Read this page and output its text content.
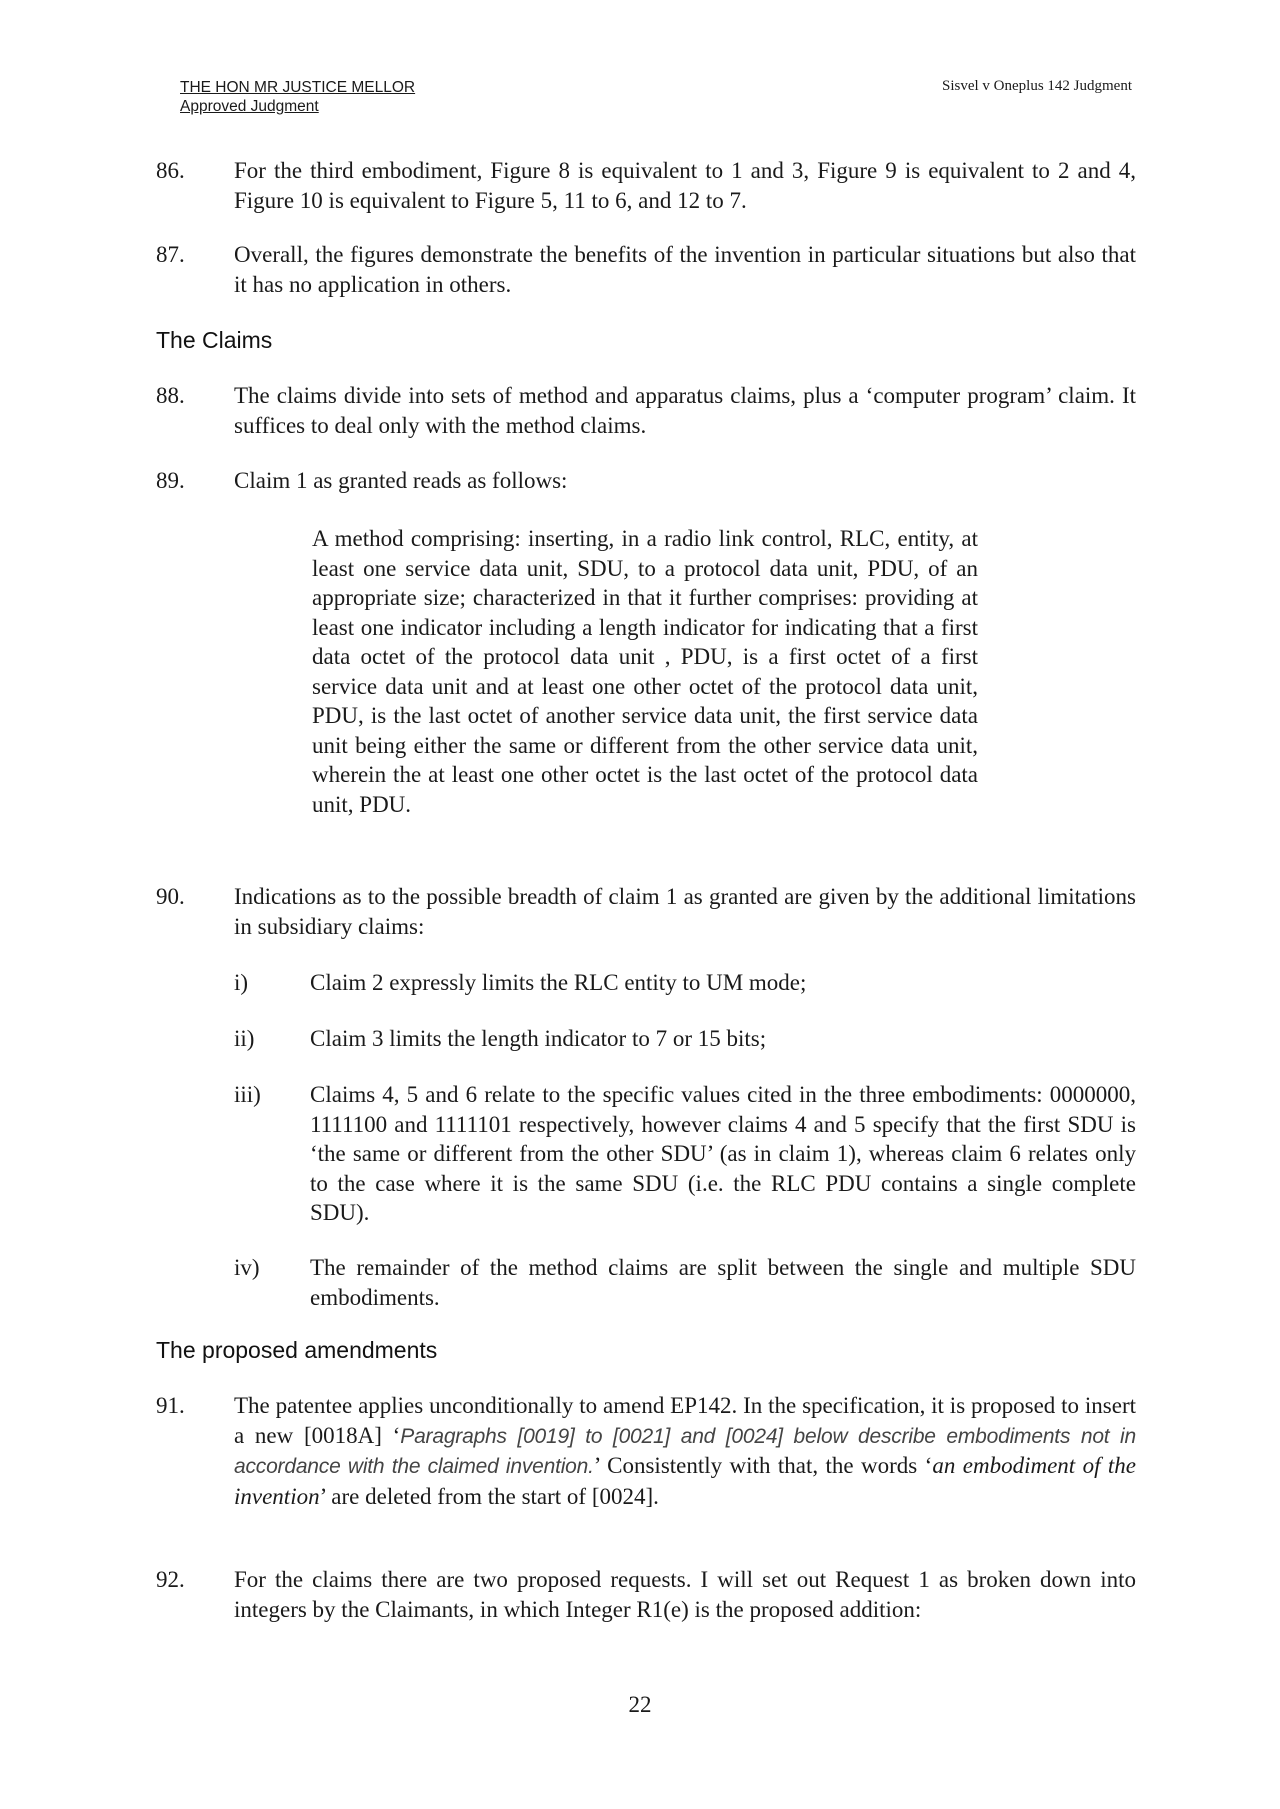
THE HON MR JUSTICE MELLOR
Approved Judgment
Sisvel v Oneplus 142 Judgment
86. For the third embodiment, Figure 8 is equivalent to 1 and 3, Figure 9 is equivalent to 2 and 4, Figure 10 is equivalent to Figure 5, 11 to 6, and 12 to 7.
87. Overall, the figures demonstrate the benefits of the invention in particular situations but also that it has no application in others.
The Claims
88. The claims divide into sets of method and apparatus claims, plus a ‘computer program’ claim. It suffices to deal only with the method claims.
89. Claim 1 as granted reads as follows:
A method comprising: inserting, in a radio link control, RLC, entity, at least one service data unit, SDU, to a protocol data unit, PDU, of an appropriate size; characterized in that it further comprises: providing at least one indicator including a length indicator for indicating that a first data octet of the protocol data unit , PDU, is a first octet of a first service data unit and at least one other octet of the protocol data unit, PDU, is the last octet of another service data unit, the first service data unit being either the same or different from the other service data unit, wherein the at least one other octet is the last octet of the protocol data unit, PDU.
90. Indications as to the possible breadth of claim 1 as granted are given by the additional limitations in subsidiary claims:
i)	Claim 2 expressly limits the RLC entity to UM mode;
ii) Claim 3 limits the length indicator to 7 or 15 bits;
iii) Claims 4, 5 and 6 relate to the specific values cited in the three embodiments: 0000000, 1111100 and 1111101 respectively, however claims 4 and 5 specify that the first SDU is ‘the same or different from the other SDU’ (as in claim 1), whereas claim 6 relates only to the case where it is the same SDU (i.e. the RLC PDU contains a single complete SDU).
iv) The remainder of the method claims are split between the single and multiple SDU embodiments.
The proposed amendments
91. The patentee applies unconditionally to amend EP142. In the specification, it is proposed to insert a new [0018A] ‘Paragraphs [0019] to [0021] and [0024] below describe embodiments not in accordance with the claimed invention.’ Consistently with that, the words ‘an embodiment of the invention’ are deleted from the start of [0024].
92. For the claims there are two proposed requests. I will set out Request 1 as broken down into integers by the Claimants, in which Integer R1(e) is the proposed addition:
22
